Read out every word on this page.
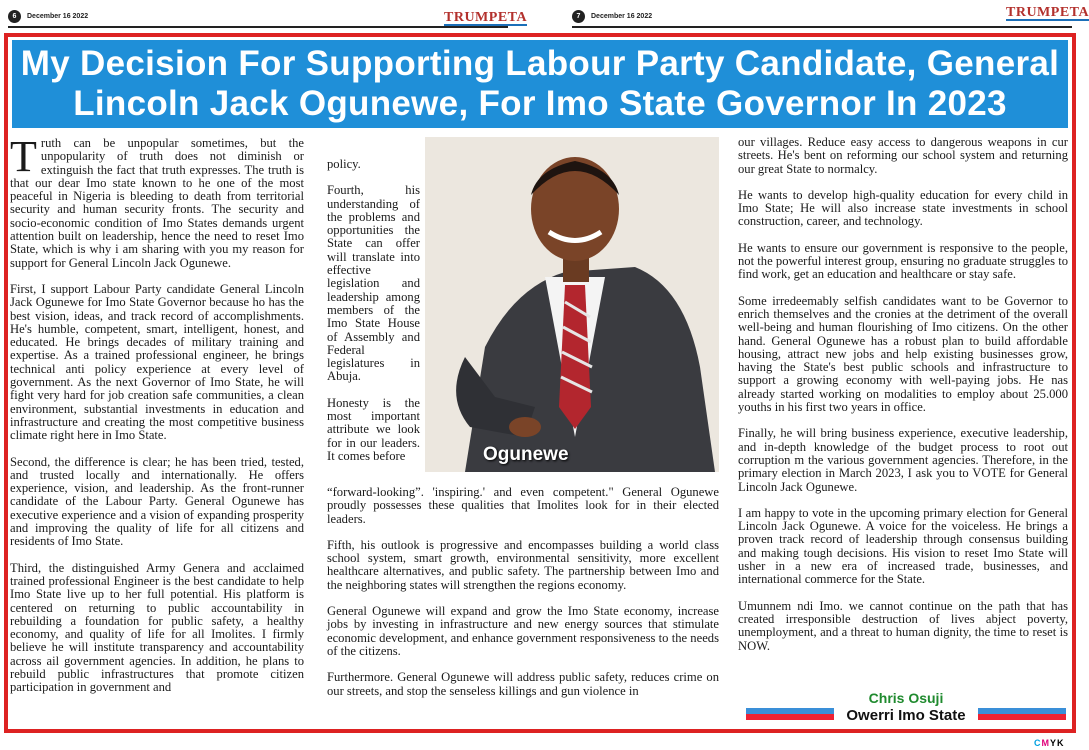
6	December 16 2022	TRUMPETA	7	December 16 2022	TRUMPETA
My Decision For Supporting Labour Party Candidate, General
Lincoln Jack Ogunewe, For Imo State Governor In 2023

Truth can be unpopular sometimes, but the unpopularity of truth does not diminish or extinguish the fact that truth expresses. The truth is that our dear Imo state known to he one of the most peaceful in Nigeria is bleeding to death from territorial security and human security fronts. The security and socio-economic condition of Imo States demands urgent attention built on leadership, hence the need to reset Imo State, which is why i am sharing with you my reason for support for General Lincoln Jack Ogunewe.

First, I support Labour Party candidate General Lincoln Jack Ogunewe for Imo State Governor because ho has the best vision, ideas, and track record of accomplishments. He's humble, competent, smart, intelligent, honest, and educated. He brings decades of military training and expertise. As a trained professional engineer, he brings technical anti policy experience at every level of government. As the next Governor of Imo State, he will fight very hard for job creation safe communities, a clean environment, substantial investments in education and infrastructure and creating the most competitive business climate right here in Imo State.

Second, the difference is clear; he has been tried, tested, and trusted locally and internationally. He offers experience, vision, and leadership. As the front-runner candidate of the Labour Party. General Ogunewe has executive experience and a vision of expanding prosperity and improving the quality of life for all citizens and residents of Imo State.

Third, the distinguished Army Genera and acclaimed trained professional Engineer is the best candidate to help Imo State live up to her full potential. His platform is centered on returning to public accountability in rebuilding a foundation for public safety, a healthy economy, and quality of life for all Imolites. I firmly believe he will institute transparency and accountability across ail government agencies. In addition, he plans to rebuild public infrastructures that promote citizen participation in government and

policy.

Fourth, his understanding of the problems and opportunities the State can offer will translate into effective legislation and leadership among members of the Imo State House of Assembly and Federal legislatures in Abuja.

Honesty is the most important attribute we look for in our leaders. It comes before	Ogunewe

“forward-looking”. 'inspiring.' and even competent." General Ogunewe proudly possesses these qualities that Imolites look for in their elected leaders.

Fifth, his outlook is progressive and encompasses building a world class school system, smart growth, environmental sensitivity, more excellent healthcare alternatives, and public safety. The partnership between Imo and the neighboring states will strengthen the regions economy.

General Ogunewe will expand and grow the Imo State economy, increase jobs by investing in infrastructure and new energy sources that stimulate economic development, and enhance government responsiveness to the needs of the citizens.

Furthermore. General Ogunewe will address public safety, reduces crime on our streets, and stop the senseless killings and gun violence in

our villages. Reduce easy access to dangerous weapons in cur streets. He's bent on reforming our school system and returning our great State to normalcy.

He wants to develop high-quality education for every child in Imo State; He will also increase state investments in school construction, career, and technology.

He wants to ensure our government is responsive to the people, not the powerful interest group, ensuring no graduate struggles to find work, get an education and healthcare or stay safe.

Some irredeemably selfish candidates want to be Governor to enrich themselves and the cronies at the detriment of the overall well-being and human flourishing of Imo citizens. On the other hand. General Ogunewe has a robust plan to build affordable housing, attract new jobs and help existing businesses grow, having the State's best public schools and infrastructure to support a growing economy with well-paying jobs. He nas already started working on modalities to employ about 25.000 youths in his first two years in office.

Finally, he will bring business experience, executive leadership, and in-depth knowledge of the budget process to root out corruption m the various government agencies. Therefore, in the primary election in March 2023, I ask you to VOTE for General Lincoln Jack Ogunewe.

I am happy to vote in the upcoming primary election for General Lincoln Jack Ogunewe. A voice for the voiceless. He brings a proven track record of leadership through consensus building and making tough decisions. His vision to reset Imo State will usher in a new era of increased trade, businesses, and international commerce for the State.

Umunnem ndi Imo. we cannot continue on the path that has created irresponsible destruction of lives abject poverty, unemployment, and a threat to human dignity, the time to reset is NOW.

Chris Osuji
Owerri Imo State
CMYK
